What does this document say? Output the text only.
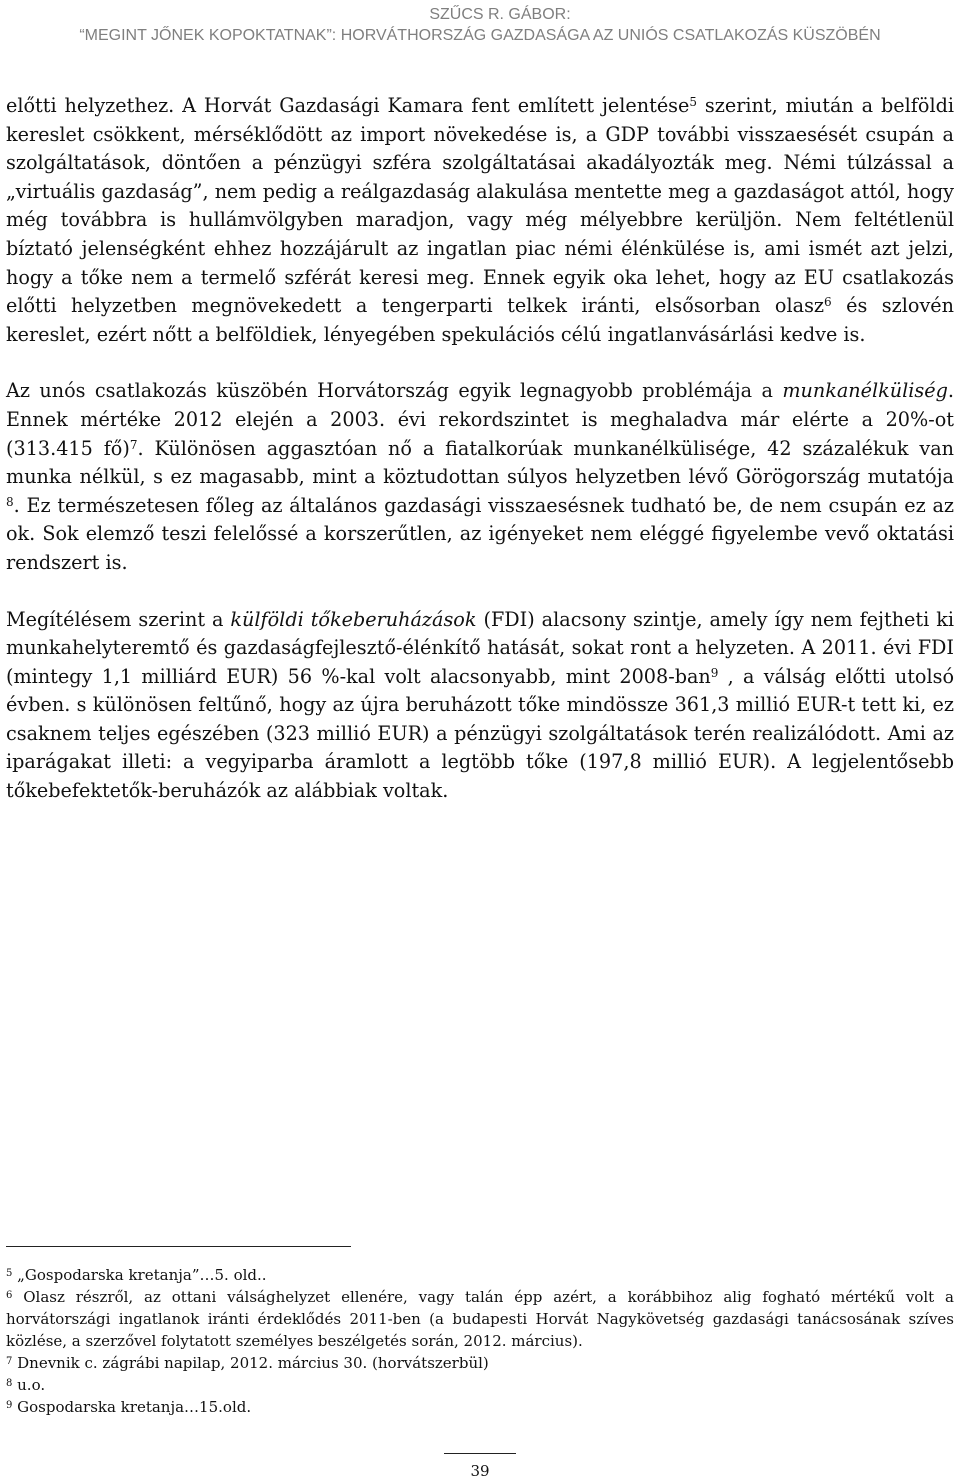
SZŰCS R. GÁBOR:
“MEGINT JŐNEK KOPOKTATNAK”: HORVÁTHORSZÁG GAZDASÁGA AZ UNIÓS CSATLAKOZÁS KÜSZÖBÉN

előtti helyzethez. A Horvát Gazdasági Kamara fent említett jelentése$^5$ szerint, miután a belföldi kereslet csökkent, mérséklődött az import növekedése is, a GDP további visszaesését csupán a szolgáltatások, döntően a pénzügyi szféra szolgáltatásai akadályozták meg. Némi túlzással a „virtuális gazdaság”, nem pedig a reálgazdaság alakulása mentette meg a gazdaságot attól, hogy még továbbra is hullámvölgyben maradjon, vagy még mélyebbre kerüljön. Nem feltétlenül bíztató jelenségként ehhez hozzájárult az ingatlan piac némi élénkülése is, ami ismét azt jelzi, hogy a tőke nem a termelő szférát keresi meg. Ennek egyik oka lehet, hogy az EU csatlakozás előtti helyzetben megnövekedett a tengerparti telkek iránti, elsősorban olasz$^6$ és szlovén kereslet, ezért nőtt a belföldiek, lényegében spekulációs célú ingatlanvásárlási kedve is.

Az unós csatlakozás küszöbén Horvátország egyik legnagyobb problémája a munkanélküliség. Ennek mértéke 2012 elején a 2003. évi rekordszintet is meghaladva már elérte a 20%-ot (313.415 fő)$^7$. Különösen aggasztóan nő a fiatalkorúak munkanélkülisége, 42 százalékuk van munka nélkül, s ez magasabb, mint a köztudottan súlyos helyzetben lévő Görögország mutatója $^8$. Ez természetesen főleg az általános gazdasági visszaesésnek tudható be, de nem csupán ez az ok. Sok elemző teszi felelőssé a korszerűtlen, az igényeket nem eléggé figyelembe vevő oktatási rendszert is.

Megítélésem szerint a külföldi tőkeberuházások (FDI) alacsony szintje, amely így nem fejtheti ki munkahelyteremtő és gazdaságfejlesztő-élénkítő hatását, sokat ront a helyzeten. A 2011. évi FDI (mintegy 1,1 milliárd EUR) 56 %-kal volt alacsonyabb, mint 2008-ban$^9$ , a válság előtti utolsó évben. s különösen feltűnő, hogy az újra beruházott tőke mindössze 361,3 millió EUR-t tett ki, ez csaknem teljes egészében (323 millió EUR) a pénzügyi szolgáltatások terén realizálódott. Ami az iparágakat illeti: a vegyiparba áramlott a legtöbb tőke (197,8 millió EUR). A legjelentősebb tőkebefektetők-beruházók az alábbiak voltak.

$^5$ „Gospodarska kretanja”…5. old..

$^6$ Olasz részről, az ottani válsághelyzet ellenére, vagy talán épp azért, a korábbihoz alig fogható mértékű volt a horvátországi ingatlanok iránti érdeklődés 2011-ben (a budapesti Horvát Nagykövetség gazdasági tanácsosának szíves közlése, a szerzővel folytatott személyes beszélgetés során, 2012. március).

$^7$ Dnevnik c. zágrábi napilap, 2012. március 30. (horvátszerbül)

$^8$ u.o.

$^9$ Gospodarska kretanja…15.old.

39
